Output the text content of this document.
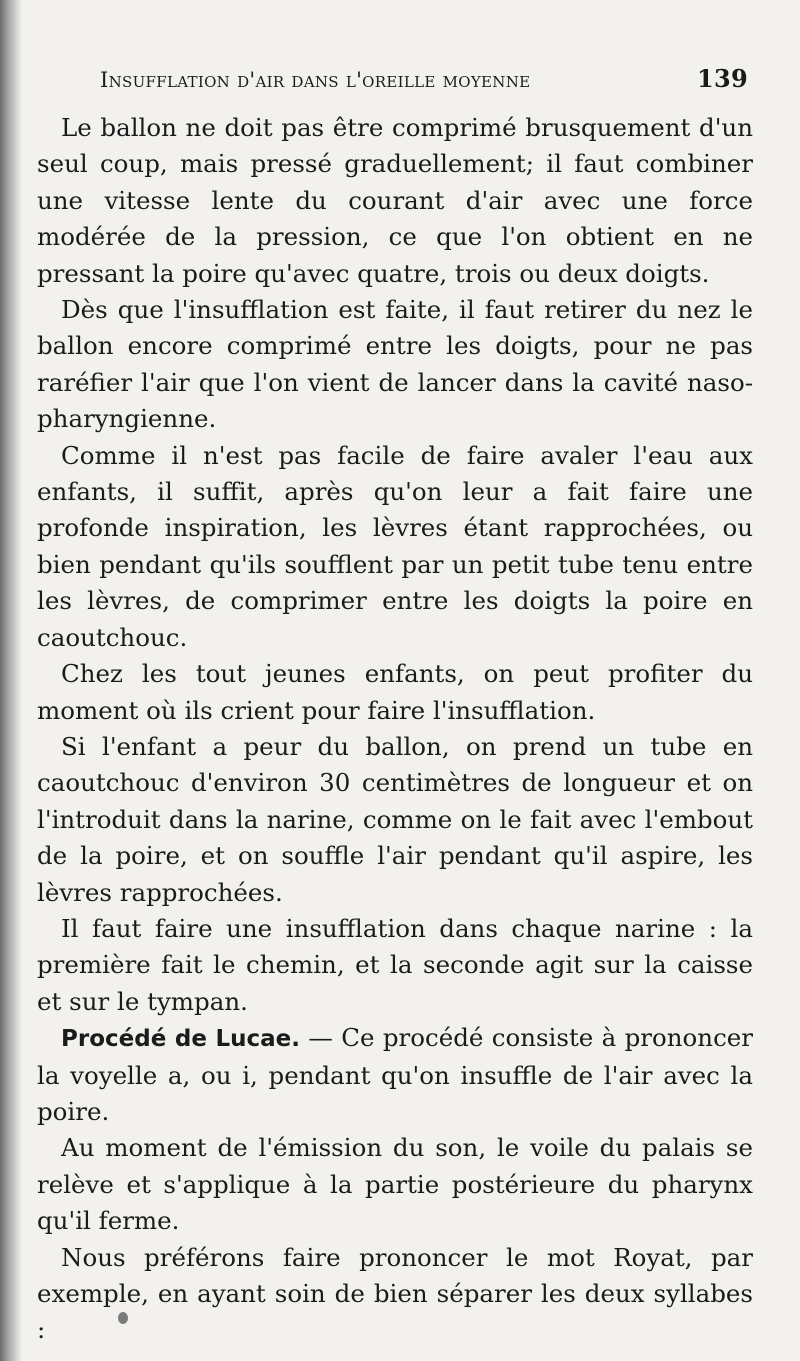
Insufflation d'air dans l'oreille moyenne	139

Le ballon ne doit pas être comprimé brusquement d'un seul coup, mais pressé graduellement; il faut combiner une vitesse lente du courant d'air avec une force modérée de la pression, ce que l'on obtient en ne pressant la poire qu'avec quatre, trois ou deux doigts.

Dès que l'insufflation est faite, il faut retirer du nez le ballon encore comprimé entre les doigts, pour ne pas raréfier l'air que l'on vient de lancer dans la cavité naso-pharyngienne.

Comme il n'est pas facile de faire avaler l'eau aux enfants, il suffit, après qu'on leur a fait faire une profonde inspiration, les lèvres étant rapprochées, ou bien pendant qu'ils soufflent par un petit tube tenu entre les lèvres, de comprimer entre les doigts la poire en caoutchouc.

Chez les tout jeunes enfants, on peut profiter du moment où ils crient pour faire l'insufflation.

Si l'enfant a peur du ballon, on prend un tube en caoutchouc d'environ 30 centimètres de longueur et on l'introduit dans la narine, comme on le fait avec l'embout de la poire, et on souffle l'air pendant qu'il aspire, les lèvres rapprochées.

Il faut faire une insufflation dans chaque narine : la première fait le chemin, et la seconde agit sur la caisse et sur le tympan.

Procédé de Lucae. — Ce procédé consiste à prononcer la voyelle a, ou i, pendant qu'on insuffle de l'air avec la poire.

Au moment de l'émission du son, le voile du palais se relève et s'applique à la partie postérieure du pharynx qu'il ferme.

Nous préférons faire prononcer le mot Royat, par exemple, en ayant soin de bien séparer les deux syllabes :
